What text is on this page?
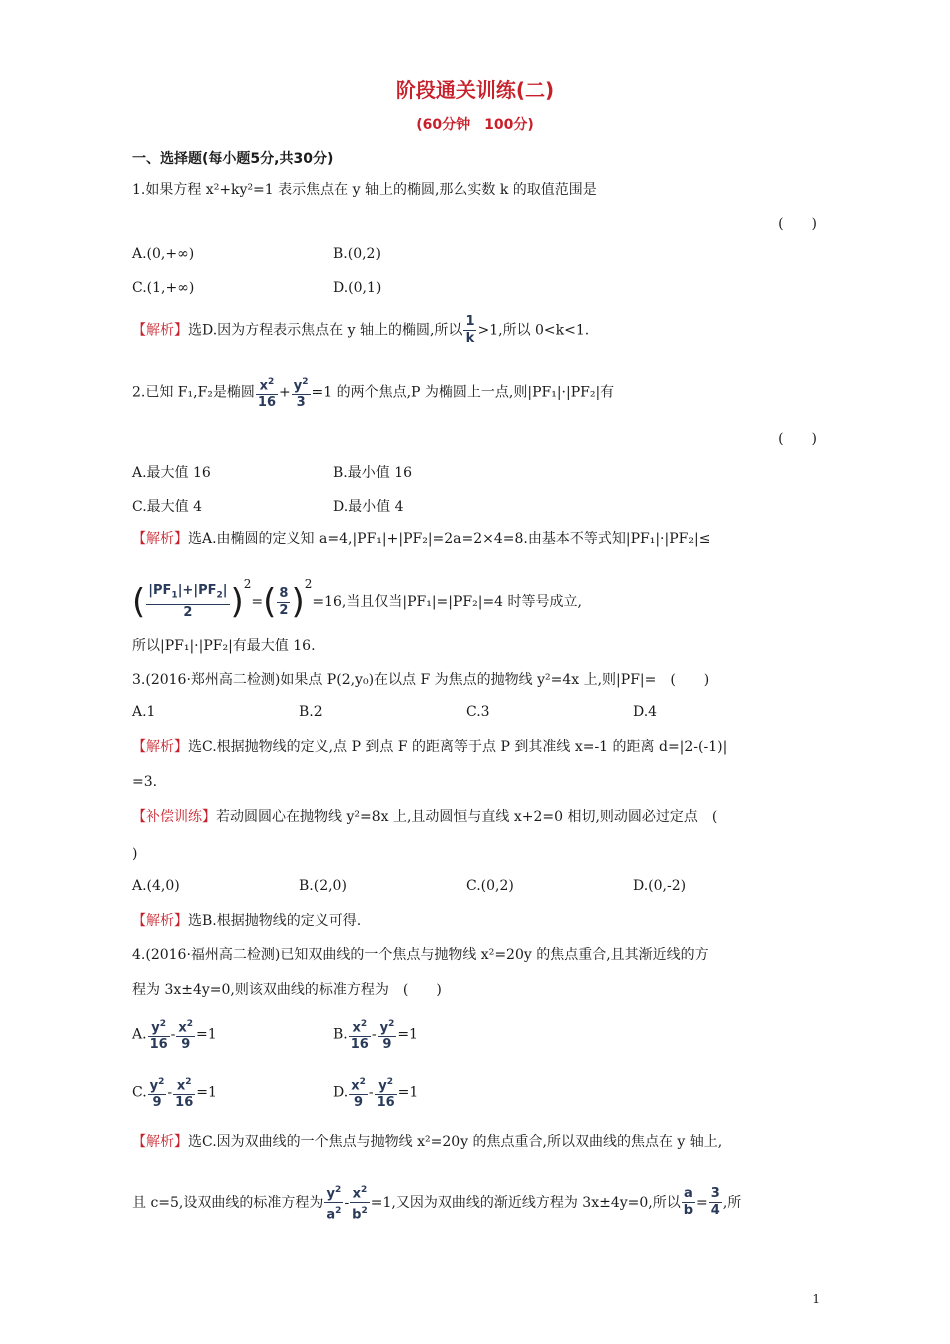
阶段通关训练(二)
(60分钟　100分)
一、选择题(每小题5分,共30分)
1.如果方程 x²+ky²=1 表示焦点在 y 轴上的椭圆,那么实数 k 的取值范围是
(　　)
A.(0,+∞)	B.(0,2)
C.(1,+∞)	D.(0,1)
【解析】选D.因为方程表示焦点在 y 轴上的椭圆,所以 $\frac{1}{k} >1$,所以 0<k<1.
2.已知 F₁,F₂是椭圆 $\frac{x^2}{16} + \frac{y^2}{3} =1$ 的两个焦点,P 为椭圆上一点,则|PF₁|·|PF₂|有
(　　)
A.最大值 16	B.最小值 16
C.最大值 4	D.最小值 4
【解析】选A.由椭圆的定义知 a=4,|PF₁|+|PF₂|=2a=2×4=8.由基本不等式知|PF₁|·|PF₂|≤
( $\frac{|PF_1|+|PF_2|}{2} )^2=( \frac{8}{2} )^2=16$,当且仅当|PF₁|=|PF₂|=4 时等号成立,
所以|PF₁|·|PF₂|有最大值 16.
3.(2016·郑州高二检测)如果点 P(2,y₀)在以点 F 为焦点的抛物线 y²=4x 上,则|PF|=　(　　)
A.1	B.2	C.3	D.4
【解析】选C.根据抛物线的定义,点 P 到点 F 的距离等于点 P 到其准线 x=-1 的距离 d=|2-(-1)|
=3.
【补偿训练】若动圆圆心在抛物线 y²=8x 上,且动圆恒与直线 x+2=0 相切,则动圆必过定点　(
)
A.(4,0)	B.(2,0)	C.(0,2)	D.(0,-2)
【解析】选B.根据抛物线的定义可得.
4.(2016·福州高二检测)已知双曲线的一个焦点与抛物线 x²=20y 的焦点重合,且其渐近线的方
程为 3x±4y=0,则该双曲线的标准方程为　(　　)
A. $\frac{y^2}{16} - \frac{x^2}{9} =1$	B. $\frac{x^2}{16} - \frac{y^2}{9} =1$
C. $\frac{y^2}{9} - \frac{x^2}{16} =1$	D. $\frac{x^2}{9} - \frac{y^2}{16} =1$
【解析】选C.因为双曲线的一个焦点与抛物线 x²=20y 的焦点重合,所以双曲线的焦点在 y 轴上,
且 c=5,设双曲线的标准方程为 $\frac{y^2}{a^2} - \frac{x^2}{b^2} =1$,又因为双曲线的渐近线方程为 3x±4y=0,所以 $\frac{a}{b} = \frac{3}{4}$ ,所
1
